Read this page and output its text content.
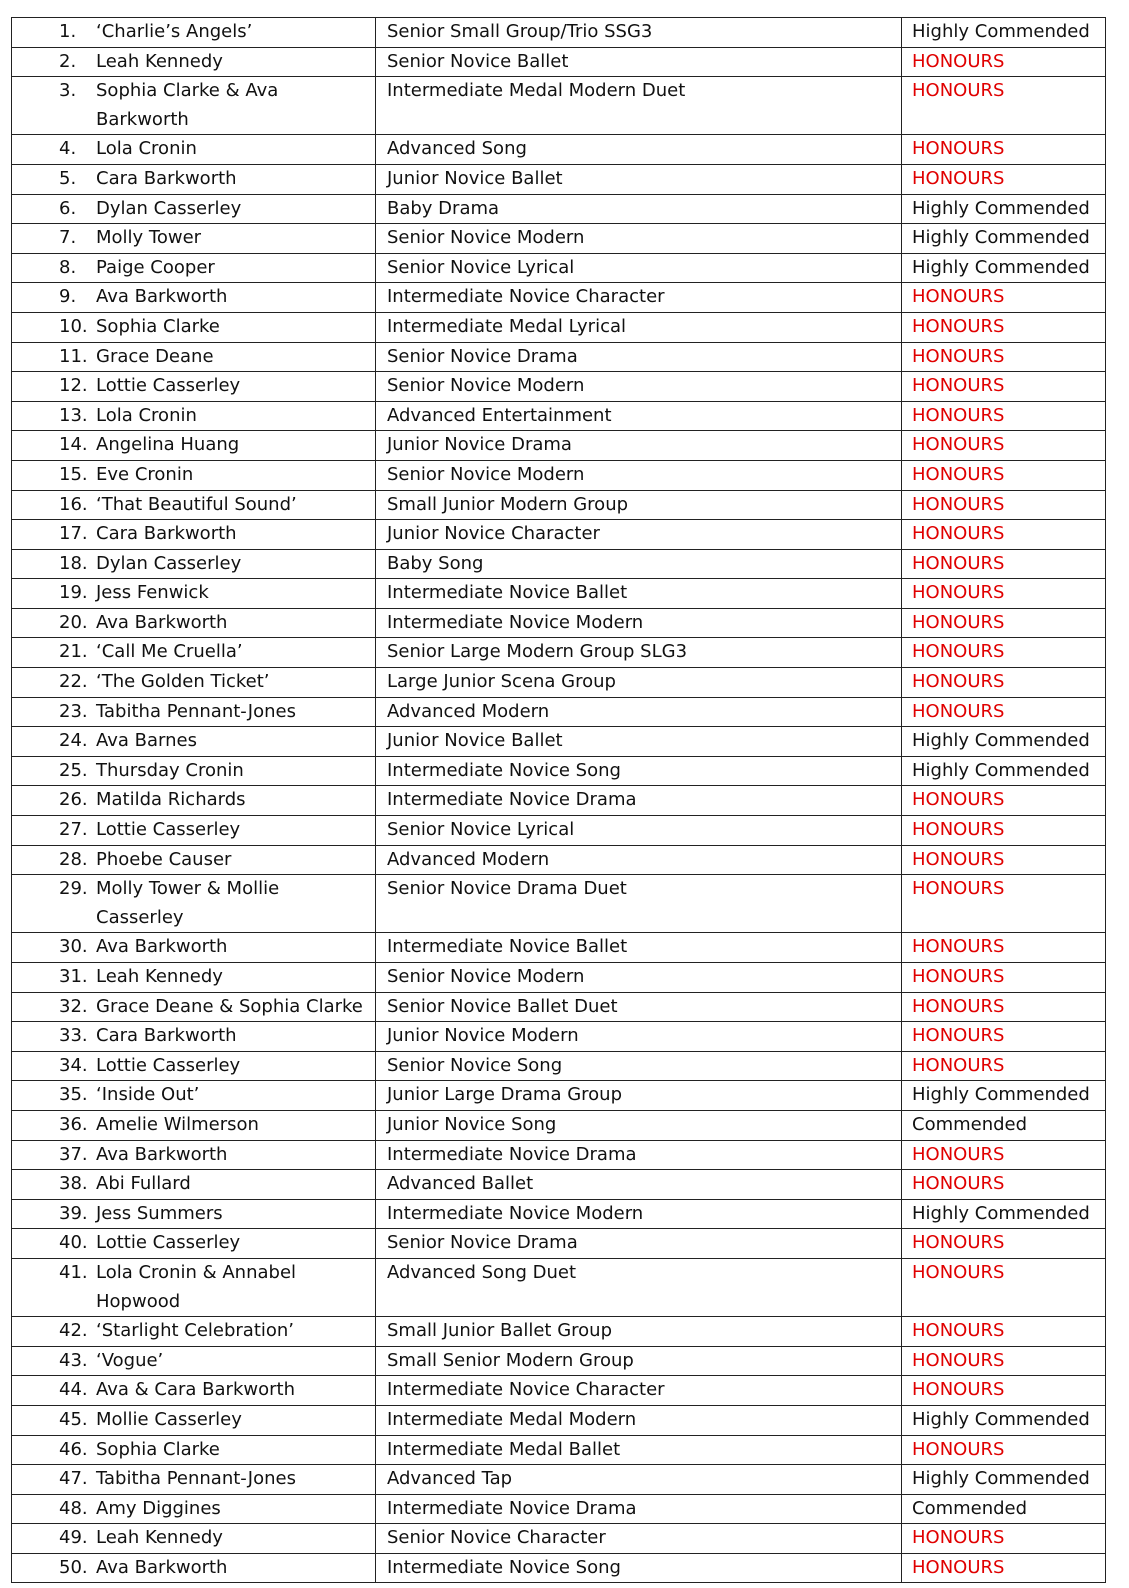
1. ‘Charlie’s Angels’	Senior Small Group/Trio SSG3	Highly Commended
2. Leah Kennedy	Senior Novice Ballet	HONOURS
3. Sophia Clarke & Ava Barkworth	Intermediate Medal Modern Duet	HONOURS
4. Lola Cronin	Advanced Song	HONOURS
5. Cara Barkworth	Junior Novice Ballet	HONOURS
6. Dylan Casserley	Baby Drama	Highly Commended
7. Molly Tower	Senior Novice Modern	Highly Commended
8. Paige Cooper	Senior Novice Lyrical	Highly Commended
9. Ava Barkworth	Intermediate Novice Character	HONOURS
10. Sophia Clarke	Intermediate Medal Lyrical	HONOURS
11. Grace Deane	Senior Novice Drama	HONOURS
12. Lottie Casserley	Senior Novice Modern	HONOURS
13. Lola Cronin	Advanced Entertainment	HONOURS
14. Angelina Huang	Junior Novice Drama	HONOURS
15. Eve Cronin	Senior Novice Modern	HONOURS
16. ‘That Beautiful Sound’	Small Junior Modern Group	HONOURS
17. Cara Barkworth	Junior Novice Character	HONOURS
18. Dylan Casserley	Baby Song	HONOURS
19. Jess Fenwick	Intermediate Novice Ballet	HONOURS
20. Ava Barkworth	Intermediate Novice Modern	HONOURS
21. ‘Call Me Cruella’	Senior Large Modern Group SLG3	HONOURS
22. ‘The Golden Ticket’	Large Junior Scena Group	HONOURS
23. Tabitha Pennant-Jones	Advanced Modern	HONOURS
24. Ava Barnes	Junior Novice Ballet	Highly Commended
25. Thursday Cronin	Intermediate Novice Song	Highly Commended
26. Matilda Richards	Intermediate Novice Drama	HONOURS
27. Lottie Casserley	Senior Novice Lyrical	HONOURS
28. Phoebe Causer	Advanced Modern	HONOURS
29. Molly Tower & Mollie Casserley	Senior Novice Drama Duet	HONOURS
30. Ava Barkworth	Intermediate Novice Ballet	HONOURS
31. Leah Kennedy	Senior Novice Modern	HONOURS
32. Grace Deane & Sophia Clarke	Senior Novice Ballet Duet	HONOURS
33. Cara Barkworth	Junior Novice Modern	HONOURS
34. Lottie Casserley	Senior Novice Song	HONOURS
35. ‘Inside Out’	Junior Large Drama Group	Highly Commended
36. Amelie Wilmerson	Junior Novice Song	Commended
37. Ava Barkworth	Intermediate Novice Drama	HONOURS
38. Abi Fullard	Advanced Ballet	HONOURS
39. Jess Summers	Intermediate Novice Modern	Highly Commended
40. Lottie Casserley	Senior Novice Drama	HONOURS
41. Lola Cronin & Annabel Hopwood	Advanced Song Duet	HONOURS
42. ‘Starlight Celebration’	Small Junior Ballet Group	HONOURS
43. ‘Vogue’	Small Senior Modern Group	HONOURS
44. Ava & Cara Barkworth	Intermediate Novice Character	HONOURS
45. Mollie Casserley	Intermediate Medal Modern	Highly Commended
46. Sophia Clarke	Intermediate Medal Ballet	HONOURS
47. Tabitha Pennant-Jones	Advanced Tap	Highly Commended
48. Amy Diggines	Intermediate Novice Drama	Commended
49. Leah Kennedy	Senior Novice Character	HONOURS
50. Ava Barkworth	Intermediate Novice Song	HONOURS
